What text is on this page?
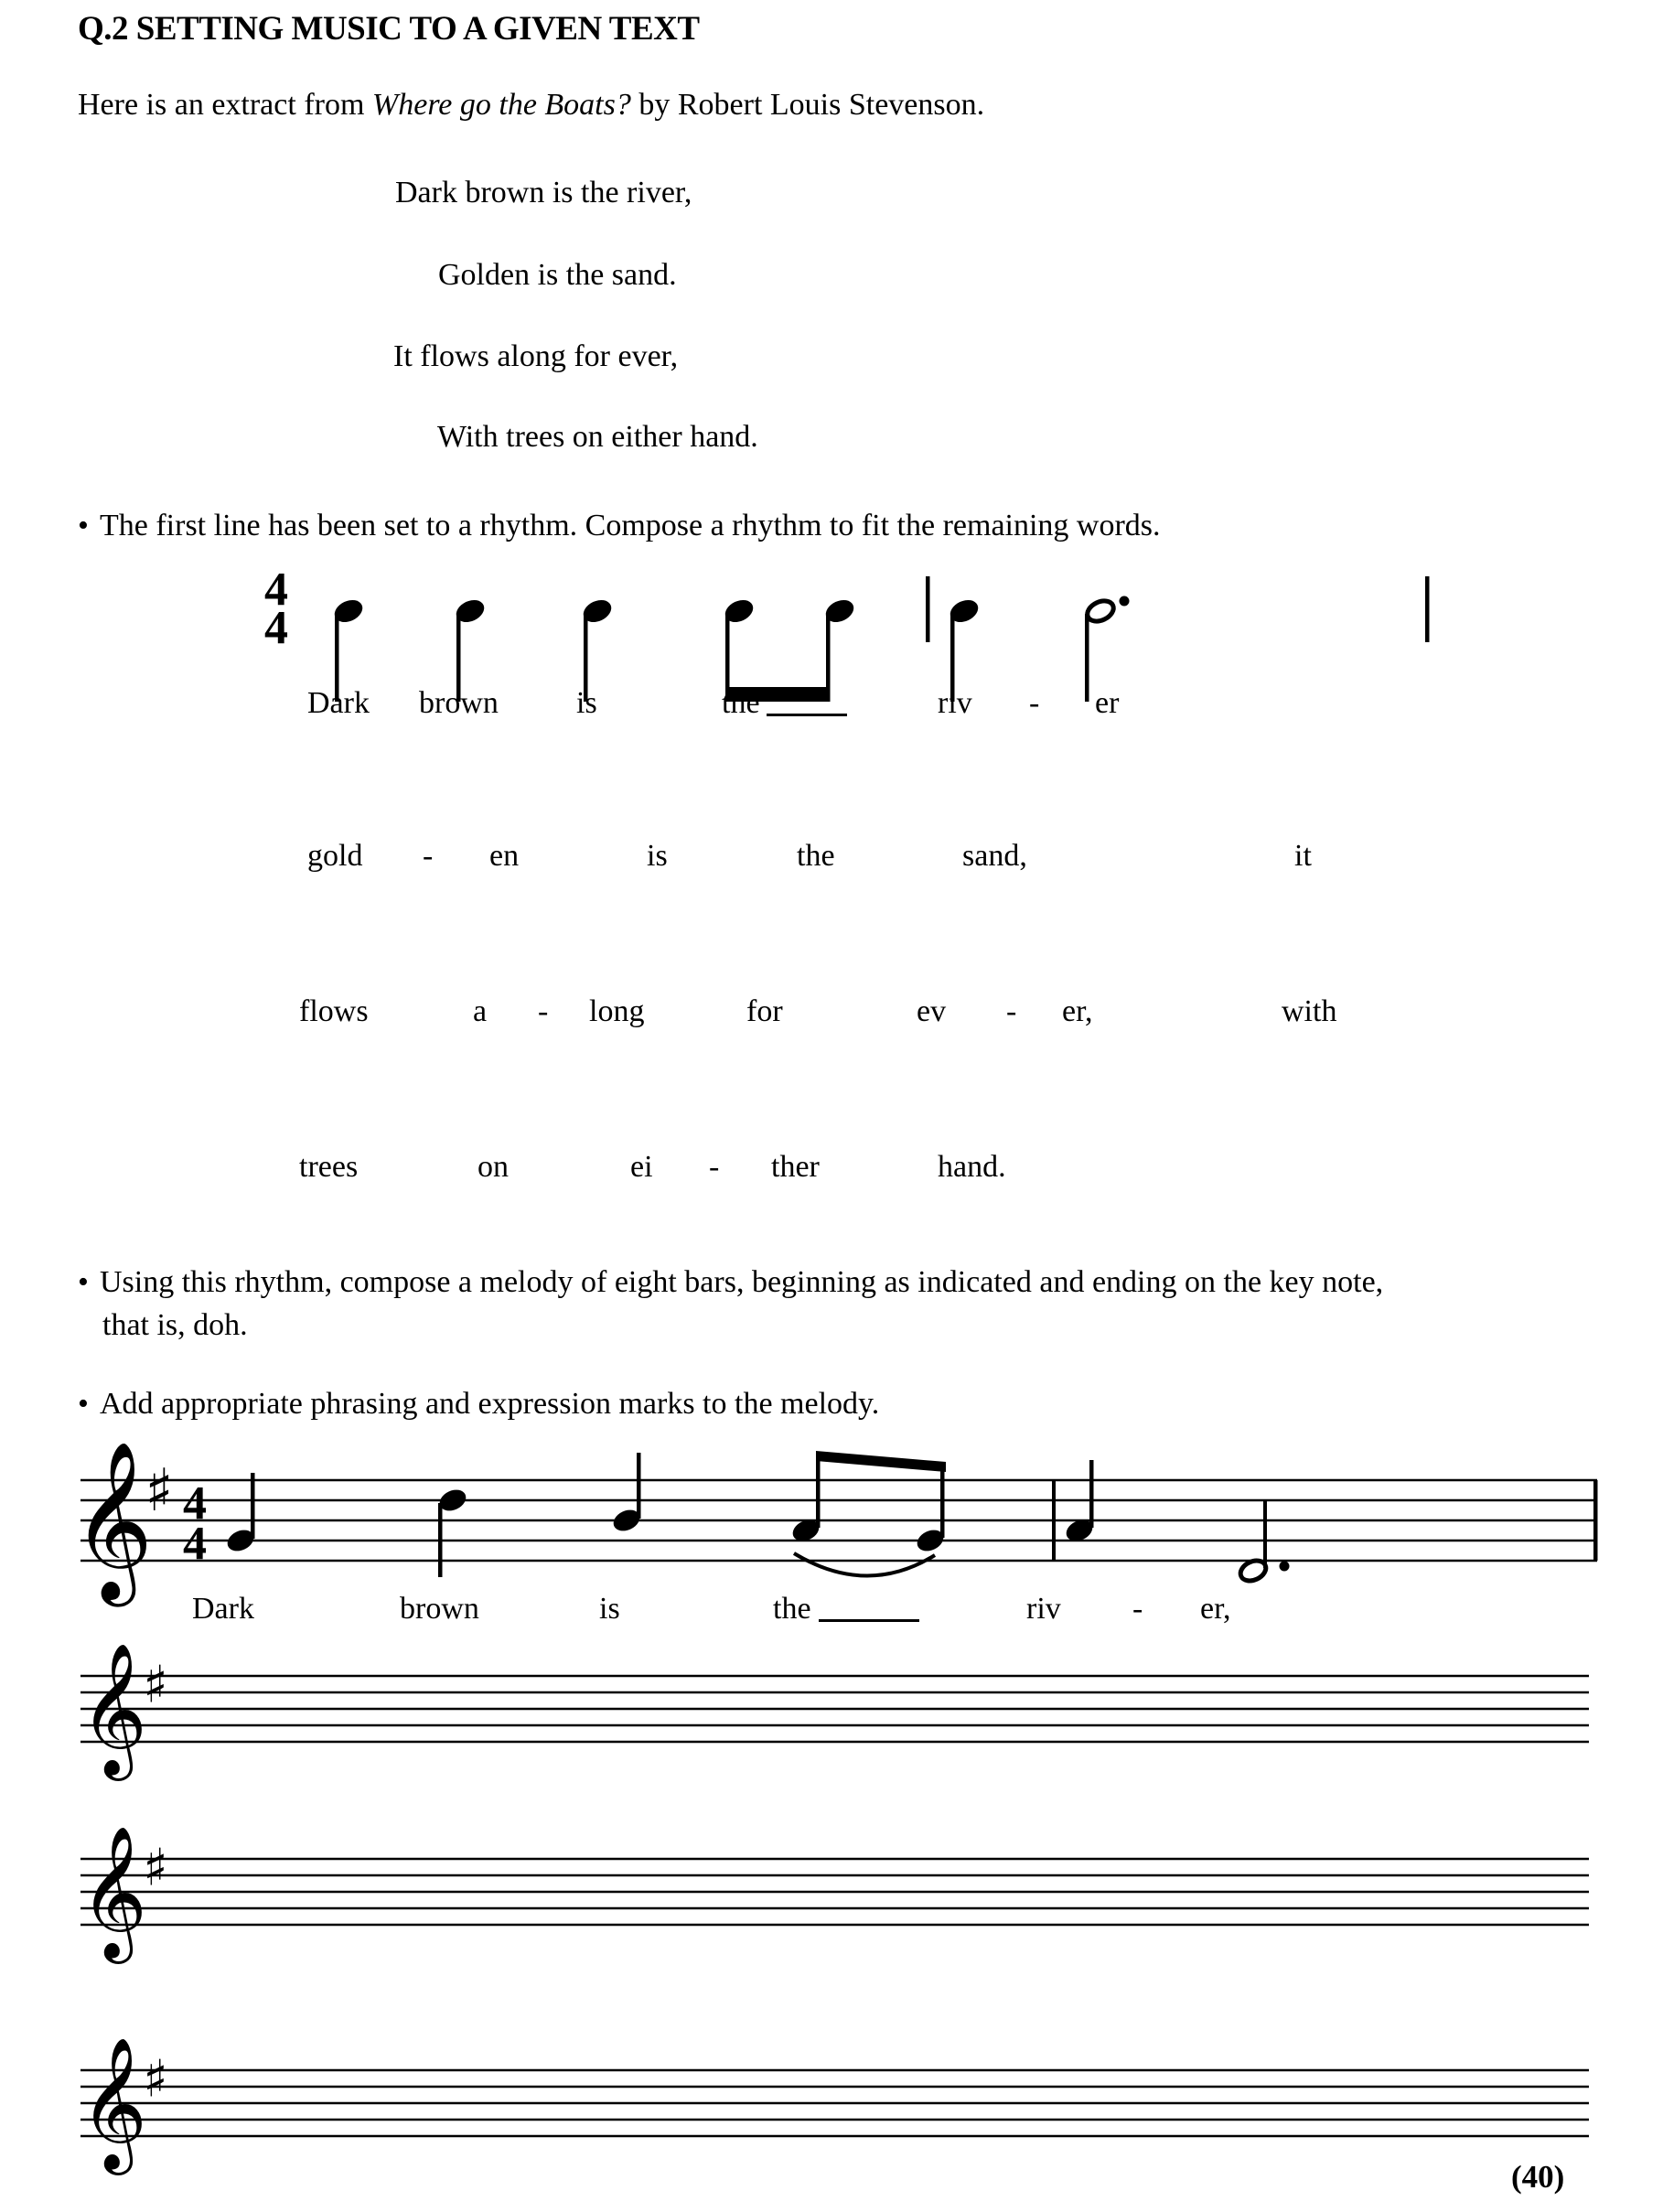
Q.2 SETTING MUSIC TO A GIVEN TEXT
Here is an extract from Where go the Boats? by Robert Louis Stevenson.
Dark brown is the river,
Golden is the sand.
It flows along for ever,
With trees on either hand.
• The first line has been set to a rhythm. Compose a rhythm to fit the remaining words.
4
4
Dark brown	is	the	riv - er
gold - en	is	the	sand,	it
flows	a - long	for	ev - er,	with
trees	on	ei - ther	hand.
• Using this rhythm, compose a melody of eight bars, beginning as indicated and ending on the key note,
that is, doh.
• Add appropriate phrasing and expression marks to the melody.
𝄞
♯ 4
4
Dark	brown	is	the	riv - er,
𝄞
♯
𝄞
♯
𝄞
♯
(40)
